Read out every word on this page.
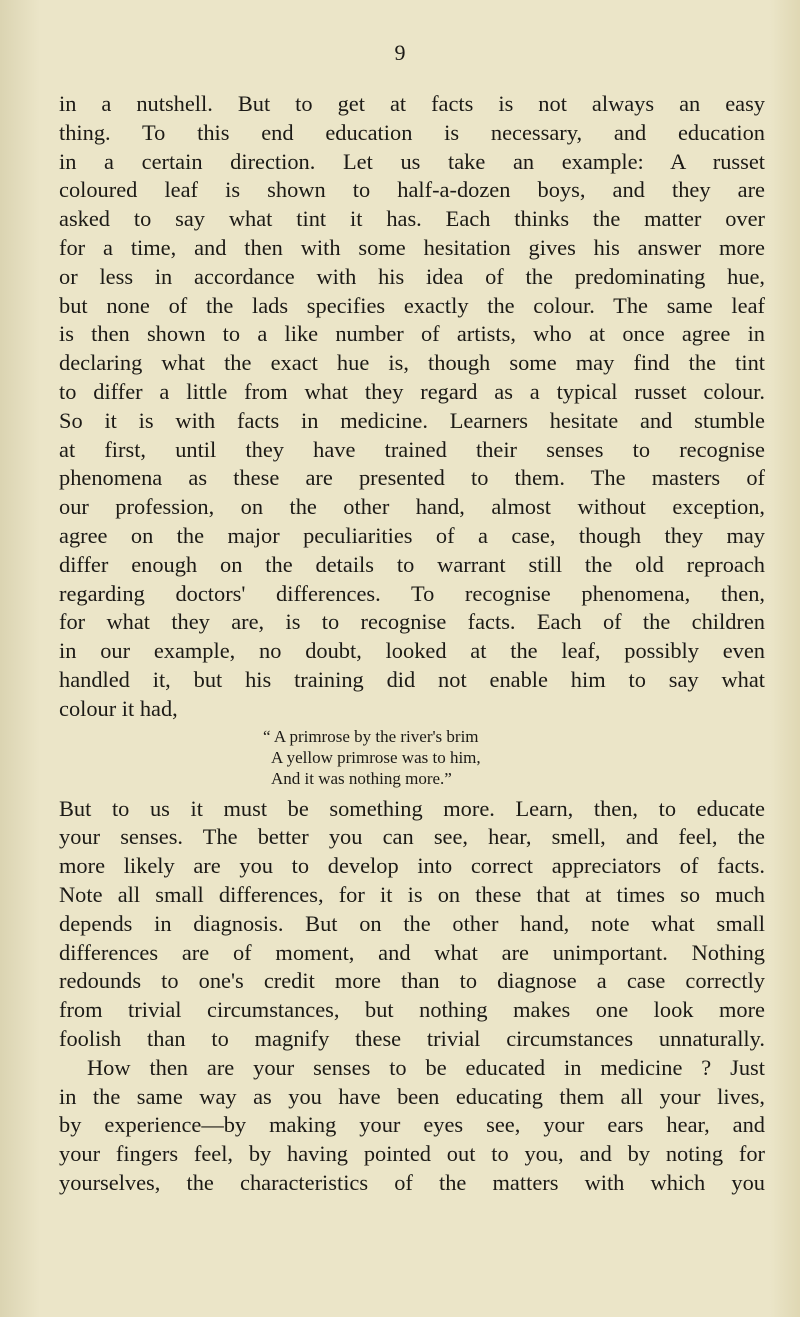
9
in a nutshell. But to get at facts is not always an easy
thing. To this end education is necessary, and education
in a certain direction. Let us take an example: A russet
coloured leaf is shown to half-a-dozen boys, and they are
asked to say what tint it has. Each thinks the matter over
for a time, and then with some hesitation gives his answer more
or less in accordance with his idea of the predominating hue,
but none of the lads specifies exactly the colour. The same leaf
is then shown to a like number of artists, who at once agree in
declaring what the exact hue is, though some may find the tint
to differ a little from what they regard as a typical russet colour.
So it is with facts in medicine. Learners hesitate and stumble
at first, until they have trained their senses to recognise
phenomena as these are presented to them. The masters of
our profession, on the other hand, almost without exception,
agree on the major peculiarities of a case, though they may
differ enough on the details to warrant still the old reproach
regarding doctors' differences. To recognise phenomena, then,
for what they are, is to recognise facts. Each of the children
in our example, no doubt, looked at the leaf, possibly even
handled it, but his training did not enable him to say what
colour it had,
“ A primrose by the river's brim
A yellow primrose was to him,
And it was nothing more.”
But to us it must be something more. Learn, then, to educate
your senses. The better you can see, hear, smell, and feel, the
more likely are you to develop into correct appreciators of facts.
Note all small differences, for it is on these that at times so much
depends in diagnosis. But on the other hand, note what small
differences are of moment, and what are unimportant. Nothing
redounds to one's credit more than to diagnose a case correctly
from trivial circumstances, but nothing makes one look more
foolish than to magnify these trivial circumstances unnaturally.
How then are your senses to be educated in medicine ? Just
in the same way as you have been educating them all your lives,
by experience—by making your eyes see, your ears hear, and
your fingers feel, by having pointed out to you, and by noting for
yourselves, the characteristics of the matters with which you
